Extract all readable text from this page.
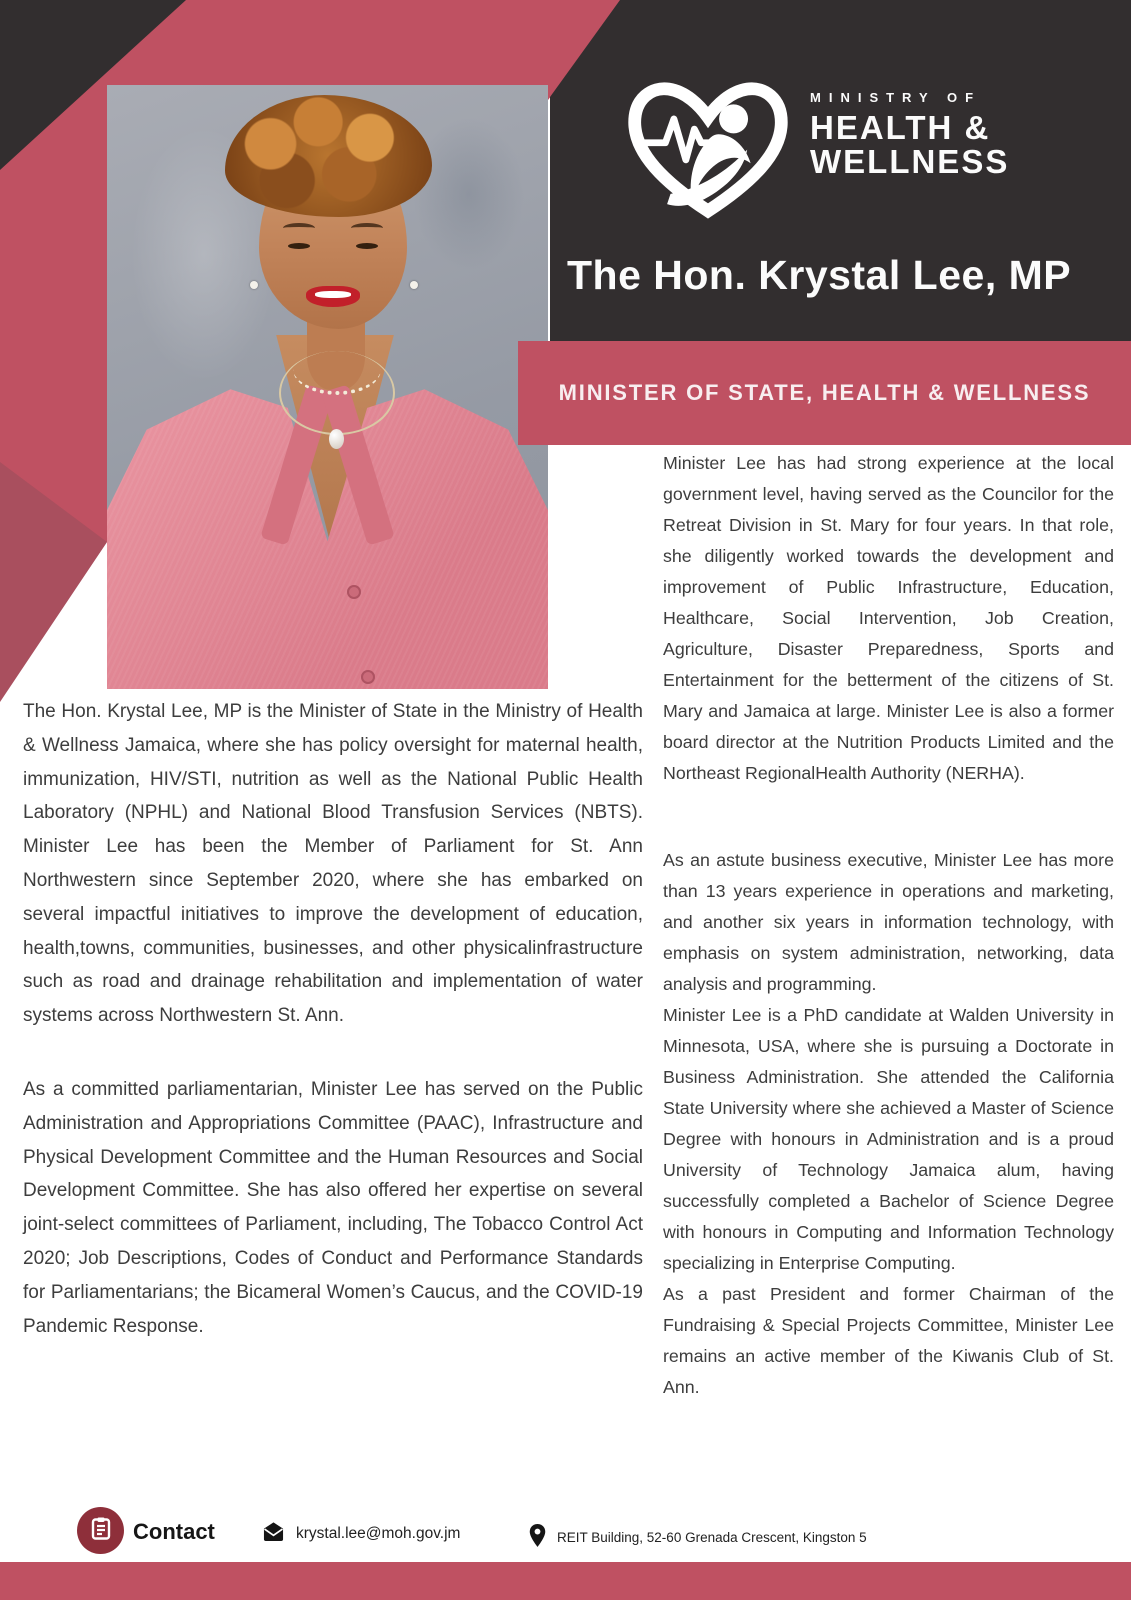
MINISTRY OF
HEALTH &
WELLNESS
The Hon. Krystal Lee, MP
MINISTER OF STATE, HEALTH & WELLNESS

The Hon. Krystal Lee, MP is the Minister of State in the Ministry of Health & Wellness Jamaica, where she has policy oversight for maternal health, immunization, HIV/STI, nutrition as well as the National Public Health Laboratory (NPHL) and National Blood Transfusion Services (NBTS). Minister Lee has been the Member of Parliament for St. Ann Northwestern since September 2020, where she has embarked on several impactful initiatives to improve the development of education, health,towns, communities, businesses, and other physicalinfrastructure such as road and drainage rehabilitation and implementation of water systems across Northwestern St. Ann.

As a committed parliamentarian, Minister Lee has served on the Public Administration and Appropriations Committee (PAAC), Infrastructure and Physical Development Committee and the Human Resources and Social Development Committee. She has also offered her expertise on several joint-select committees of Parliament, including, The Tobacco Control Act 2020; Job Descriptions, Codes of Conduct and Performance Standards for Parliamentarians; the Bicameral Women’s Caucus, and the COVID-19 Pandemic Response.

Minister Lee has had strong experience at the local government level, having served as the Councilor for the Retreat Division in St. Mary for four years. In that role, she diligently worked towards the development and improvement of Public Infrastructure, Education, Healthcare, Social Intervention, Job Creation, Agriculture, Disaster Preparedness, Sports and Entertainment for the betterment of the citizens of St. Mary and Jamaica at large. Minister Lee is also a former board director at the Nutrition Products Limited and the Northeast RegionalHealth Authority (NERHA).

As an astute business executive, Minister Lee has more than 13 years experience in operations and marketing, and another six years in information technology, with emphasis on system administration, networking, data analysis and programming.

Minister Lee is a PhD candidate at Walden University in Minnesota, USA, where she is pursuing a Doctorate in Business Administration. She attended the California State University where she achieved a Master of Science Degree with honours in Administration and is a proud University of Technology Jamaica alum, having successfully completed a Bachelor of Science Degree with honours in Computing and Information Technology specializing in Enterprise Computing.

As a past President and former Chairman of the Fundraising & Special Projects Committee, Minister Lee remains an active member of the Kiwanis Club of St. Ann.

Contact	krystal.lee@moh.gov.jm	REIT Building, 52-60 Grenada Crescent, Kingston 5
